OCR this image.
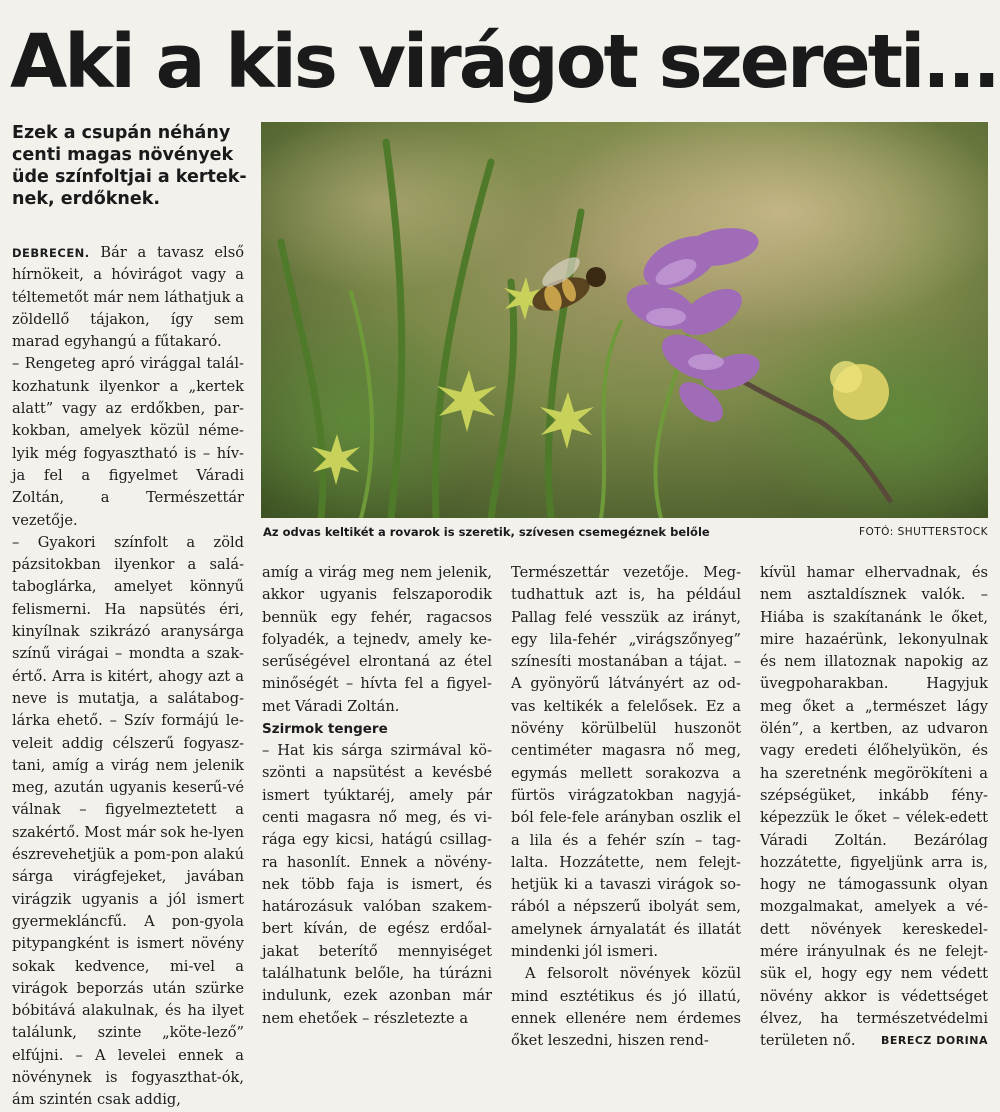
Aki a kis virágot szereti...

Ezek a csupán néhány centi magas növények üde színfoltjai a kertek-nek, erdőknek.

Az odvas keltikét a rovarok is szeretik, szívesen csemegéznek belőle	FOTÓ: SHUTTERSTOCK

DEBRECEN. Bár a tavasz első hírnökeit, a hóvirágot vagy a téltemetőt már nem láthatjuk a zöldellő tájakon, így sem marad egyhangú a fűtakaró.

– Rengeteg apró virággal talál-kozhatunk ilyenkor a „kertek alatt” vagy az erdőkben, par-kokban, amelyek közül néme-lyik még fogyasztható is – hív-ja fel a figyelmet Váradi Zoltán, a Természettár vezetője.

– Gyakori színfolt a zöld pázsitokban ilyenkor a salá-taboglárka, amelyet könnyű felismerni. Ha napsütés éri, kinyílnak szikrázó aranysárga színű virágai – mondta a szak-értő. Arra is kitért, ahogy azt a neve is mutatja, a salátabog-lárka ehető. – Szív formájú le-veleit addig célszerű fogyasz-tani, amíg a virág nem jelenik meg, azután ugyanis keserű-vé válnak – figyelmeztetett a szakértő. Most már sok he-lyen észrevehetjük a pom-pon alakú sárga virágfejeket, javában virágzik ugyanis a jól ismert gyermekláncfű. A pon-gyola pitypangként is ismert növény sokak kedvence, mi-vel a virágok beporzás után szürke bóbitává alakulnak, és ha ilyet találunk, szinte „köte-lező” elfújni. – A levelei ennek a növénynek is fogyaszthat-ók, ám szintén csak addig,

amíg a virág meg nem jelenik, akkor ugyanis felszaporodik bennük egy fehér, ragacsos folyadék, a tejnedv, amely ke-serűségével elrontaná az étel minőségét – hívta fel a figyel-met Váradi Zoltán.

Szirmok tengere

– Hat kis sárga szirmával kö-szönti a napsütést a kevésbé ismert tyúktaréj, amely pár centi magasra nő meg, és vi-rága egy kicsi, hatágú csillag-ra hasonlít. Ennek a növény-nek több faja is ismert, és határozásuk valóban szakem-bert kíván, de egész erdőal-jakat beterítő mennyiséget találhatunk belőle, ha túrázni indulunk, ezek azonban már nem ehetőek – részletezte a

Természettár vezetője. Meg-tudhattuk azt is, ha például Pallag felé vesszük az irányt, egy lila-fehér „virágszőnyeg” színesíti mostanában a tájat. – A gyönyörű látványért az od-vas keltikék a felelősek. Ez a növény körülbelül huszonöt centiméter magasra nő meg, egymás mellett sorakozva a fürtös virágzatokban nagyjá-ból fele-fele arányban oszlik el a lila és a fehér szín – tag-lalta. Hozzátette, nem felejt-hetjük ki a tavaszi virágok so-rából a népszerű ibolyát sem, amelynek árnyalatát és illatát mindenki jól ismeri.

A felsorolt növények közül mind esztétikus és jó illatú, ennek ellenére nem érdemes őket leszedni, hiszen rend-

kívül hamar elhervadnak, és nem asztaldísznek valók. – Hiába is szakítanánk le őket, mire hazaérünk, lekonyulnak és nem illatoznak napokig az üvegpoharakban. Hagyjuk meg őket a „természet lágy ölén”, a kertben, az udvaron vagy eredeti élőhelyükön, és ha szeretnénk megörökíteni a szépségüket, inkább fény-képezzük le őket – vélek-edett Váradi Zoltán. Bezárólag hozzátette, figyeljünk arra is, hogy ne támogassunk olyan mozgalmakat, amelyek a vé-dett növények kereskedel-mére irányulnak és ne felejt-sük el, hogy egy nem védett növény akkor is védettséget élvez, ha természetvédelmi területen nő. BERECZ DORINA
